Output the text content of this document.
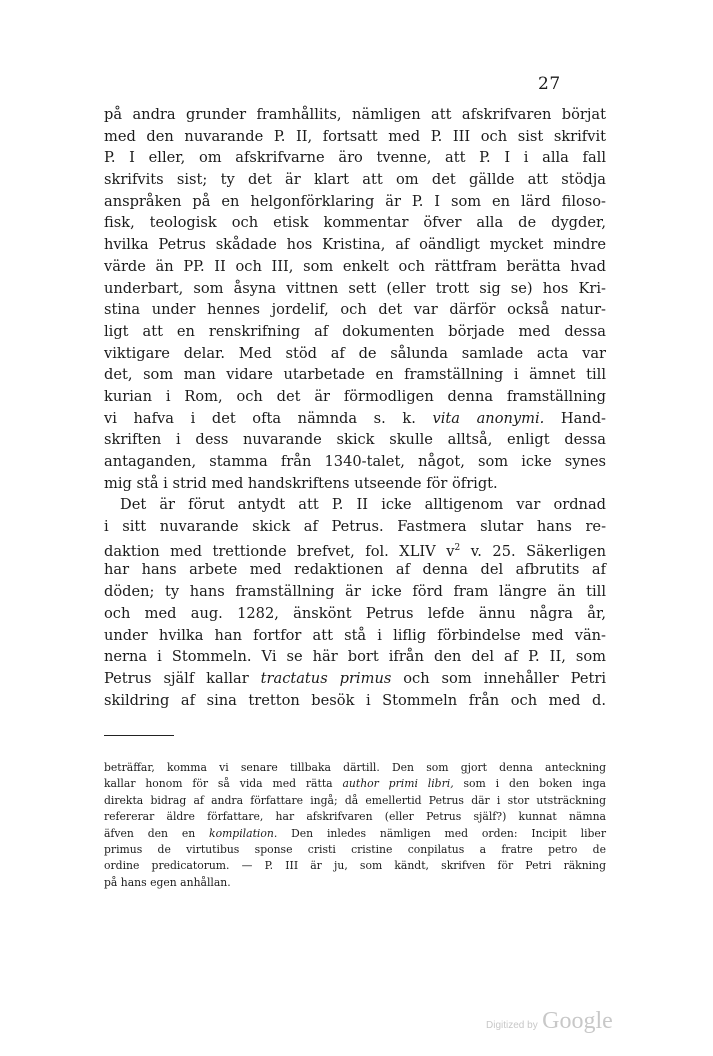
27
på andra grunder framhållits, nämligen att afskrifvaren börjat
med den nuvarande P. II, fortsatt med P. III och sist skrifvit
P. I eller, om afskrifvarne äro tvenne, att P. I i alla fall
skrifvits sist; ty det är klart att om det gällde att stödja
anspråken på en helgonförklaring är P. I som en lärd filoso-
fisk, teologisk och etisk kommentar öfver alla de dygder,
hvilka Petrus skådade hos Kristina, af oändligt mycket mindre
värde än PP. II och III, som enkelt och rättfram berätta hvad
underbart, som åsyna vittnen sett (eller trott sig se) hos Kri-
stina under hennes jordelif, och det var därför också natur-
ligt att en renskrifning af dokumenten började med dessa
viktigare delar. Med stöd af de sålunda samlade acta var
det, som man vidare utarbetade en framställning i ämnet till
kurian i Rom, och det är förmodligen denna framställning
vi hafva i det ofta nämnda s. k. vita anonymi. Hand-
skriften i dess nuvarande skick skulle alltså, enligt dessa
antaganden, stamma från 1340-talet, något, som icke synes
mig stå i strid med handskriftens utseende för öfrigt.
Det är förut antydt att P. II icke alltigenom var ordnad
i sitt nuvarande skick af Petrus. Fastmera slutar hans re-
daktion med trettionde brefvet, fol. XLIV $v^2$ v. 25. Säkerligen
har hans arbete med redaktionen af denna del afbrutits af
döden; ty hans framställning är icke förd fram längre än till
och med aug. 1282, änskönt Petrus lefde ännu några år,
under hvilka han fortfor att stå i liflig förbindelse med vän-
nerna i Stommeln. Vi se här bort ifrån den del af P. II, som
Petrus själf kallar tractatus primus och som innehåller Petri
skildring af sina tretton besök i Stommeln från och med d.
beträffar, komma vi senare tillbaka därtill. Den som gjort denna anteckning
kallar honom för så vida med rätta author primi libri, som i den boken inga
direkta bidrag af andra författare ingå; då emellertid Petrus där i stor utsträckning
refererar äldre författare, har afskrifvaren (eller Petrus själf?) kunnat nämna
äfven den en kompilation. Den inledes nämligen med orden: Incipit liber
primus de virtutibus sponse cristi cristine conpilatus a fratre petro de
ordine predicatorum. — P. III är ju, som kändt, skrifven för Petri räkning
på hans egen anhållan.
Digitized by Google
